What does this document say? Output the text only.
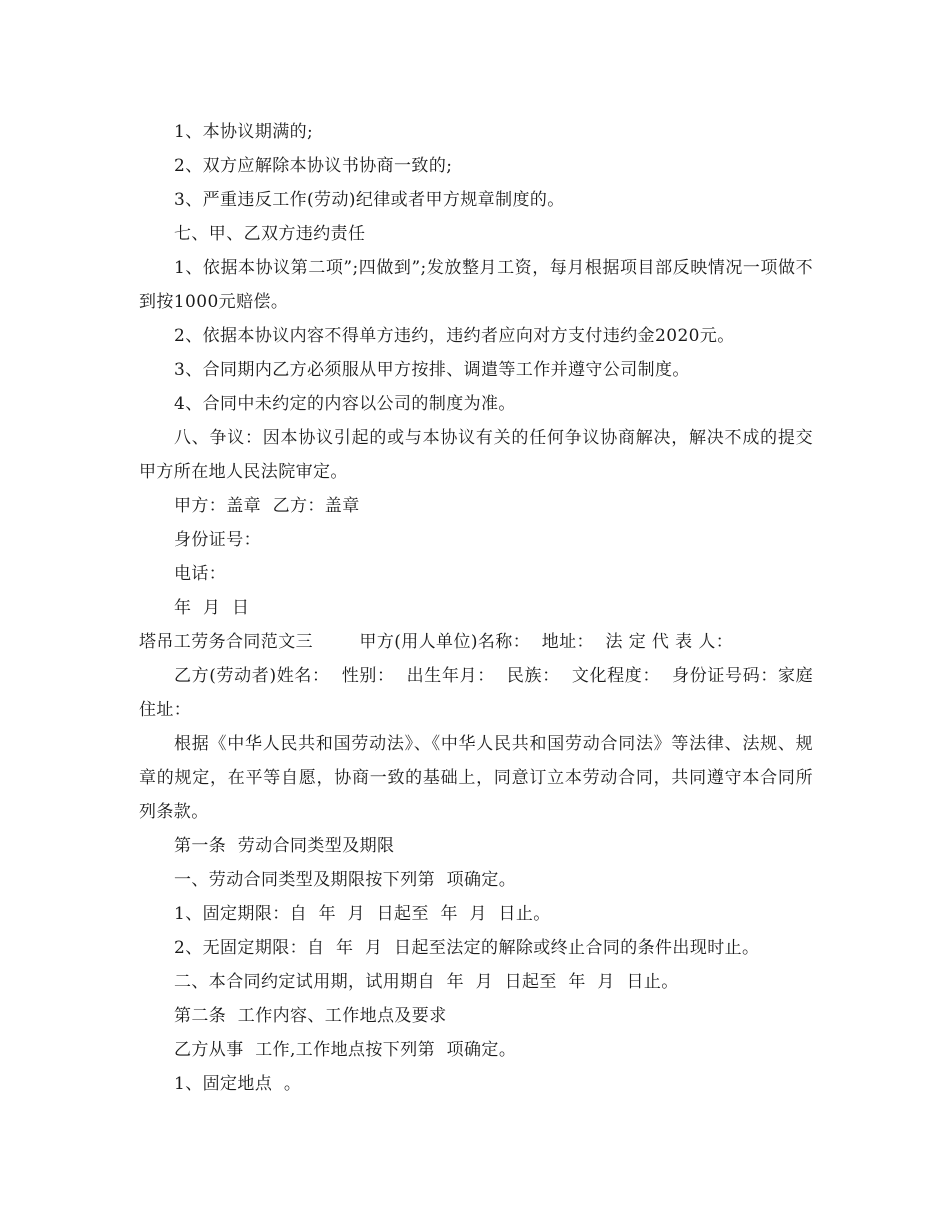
1、本协议期满的;

2、双方应解除本协议书协商一致的;

3、严重违反工作(劳动)纪律或者甲方规章制度的。

七、甲、乙双方违约责任

1、依据本协议第二项”;四做到”;发放整月工资，每月根据项目部反映情况一项做不到按1000元赔偿。

2、依据本协议内容不得单方违约，违约者应向对方支付违约金2020元。

3、合同期内乙方必须服从甲方按排、调遣等工作并遵守公司制度。

4、合同中未约定的内容以公司的制度为准。

八、争议：因本协议引起的或与本协议有关的任何争议协商解决，解决不成的提交甲方所在地人民法院审定。

甲方：盖章  乙方：盖章

身份证号：

电话：

年  月  日

塔吊工劳务合同范文三        甲方(用人单位)名称：  地址：  法 定 代 表 人：

乙方(劳动者)姓名：  性别：  出生年月：  民族：  文化程度：  身份证号码：家庭住址：

根据《中华人民共和国劳动法》、《中华人民共和国劳动合同法》等法律、法规、规章的规定，在平等自愿，协商一致的基础上，同意订立本劳动合同，共同遵守本合同所列条款。

第一条  劳动合同类型及期限

一、劳动合同类型及期限按下列第  项确定。

1、固定期限：自  年  月  日起至  年  月  日止。

2、无固定期限：自  年  月  日起至法定的解除或终止合同的条件出现时止。

二、本合同约定试用期，试用期自  年  月  日起至  年  月  日止。

第二条  工作内容、工作地点及要求

乙方从事  工作,工作地点按下列第  项确定。

1、固定地点  。
